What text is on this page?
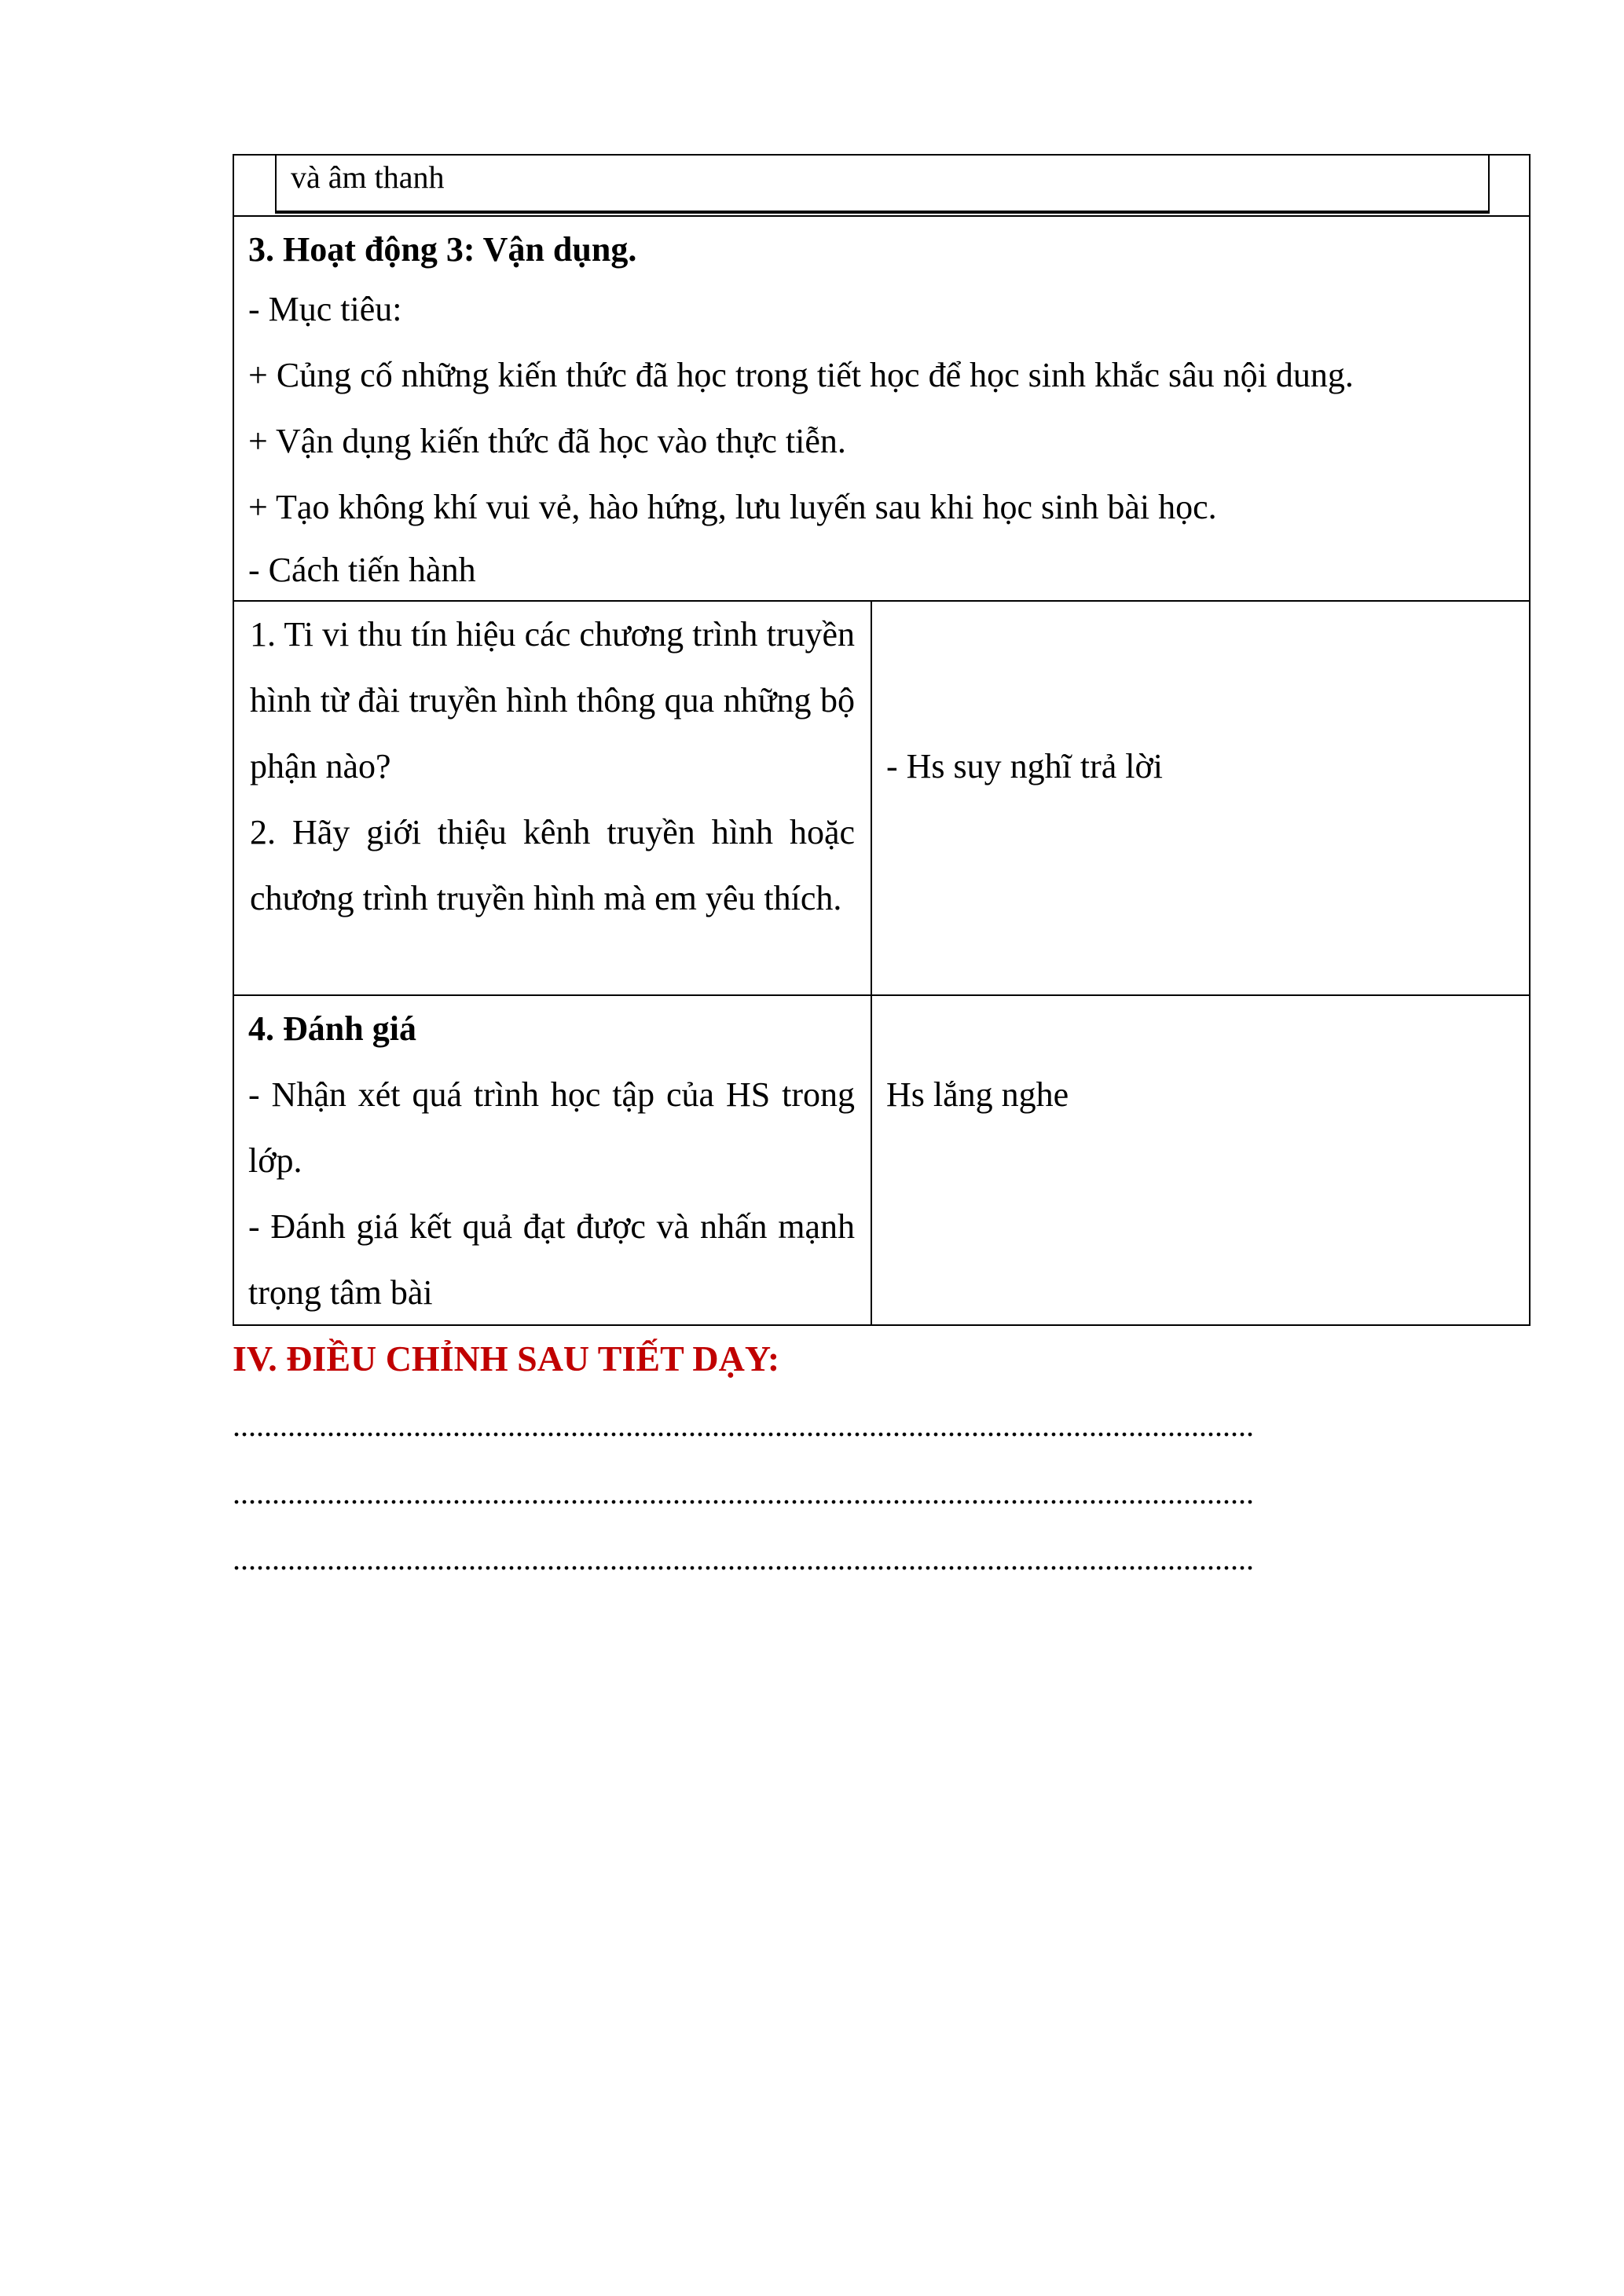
và âm thanh
3. Hoạt động 3: Vận dụng.
- Mục tiêu:
+ Củng cố những kiến thức đã học trong tiết học để học sinh khắc sâu nội dung.
+ Vận dụng kiến thức đã học vào thực tiễn.
+ Tạo không khí vui vẻ, hào hứng, lưu luyến sau khi học sinh bài học.
- Cách tiến hành
1. Ti vi thu tín hiệu các chương trình truyền hình từ đài truyền hình thông qua những bộ phận nào?
2. Hãy giới thiệu kênh truyền hình hoặc chương trình truyền hình mà em yêu thích.
- Hs suy nghĩ trả lời
4. Đánh giá
- Nhận xét quá trình học tập của HS trong lớp.
- Đánh giá kết quả đạt được và nhấn mạnh trọng tâm bài
Hs lắng nghe
IV. ĐIỀU CHỈNH SAU TIẾT DẠY:
..................................................................................................................................
..................................................................................................................................
..................................................................................................................................
